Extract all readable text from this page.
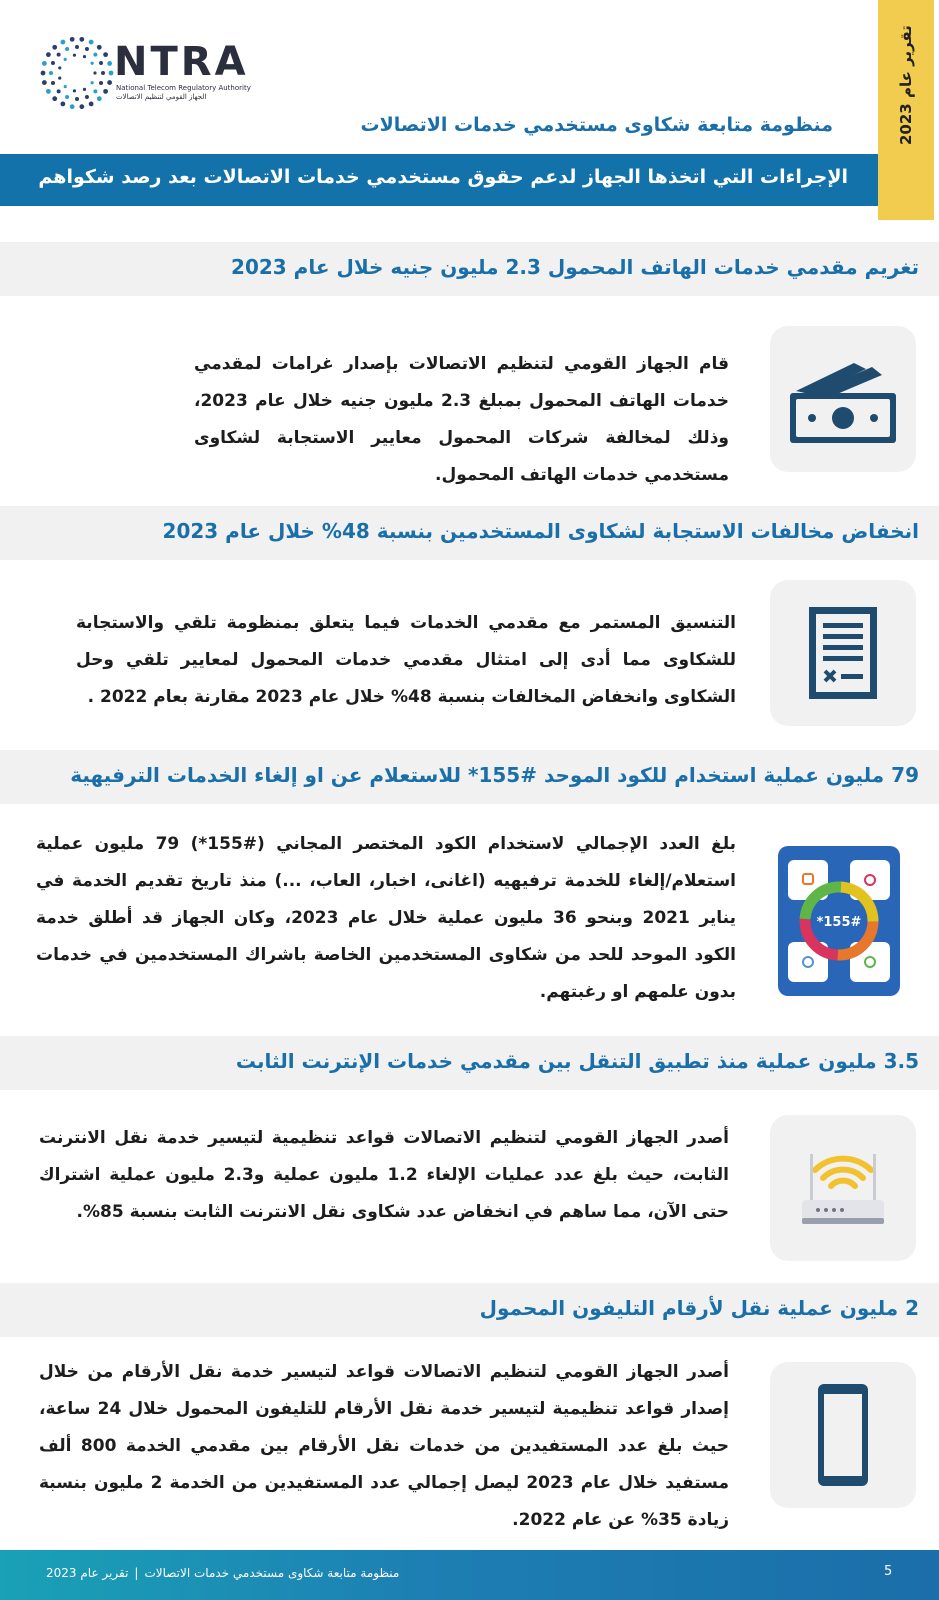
NTRA
National Telecom Regulatory Authority
الجهاز القومي لتنظيم الاتصالات
تقرير عام 2023
منظومة متابعة شكاوى مستخدمي خدمات الاتصالات
الإجراءات التي اتخذها الجهاز لدعم حقوق مستخدمي خدمات الاتصالات بعد رصد شكواهم
تغريم مقدمي خدمات الهاتف المحمول 2.3 مليون جنيه خلال عام 2023
قام الجهاز القومي لتنظيم الاتصالات بإصدار غرامات لمقدمي خدمات الهاتف المحمول بمبلغ 2.3 مليون جنيه خلال عام 2023، وذلك لمخالفة شركات المحمول معايير الاستجابة لشكاوى مستخدمي خدمات الهاتف المحمول.
انخفاض مخالفات الاستجابة لشكاوى المستخدمين بنسبة 48% خلال عام 2023
التنسيق المستمر مع مقدمي الخدمات فيما يتعلق بمنظومة تلقي والاستجابة للشكاوى مما أدى إلى امتثال مقدمي خدمات المحمول لمعايير تلقي وحل الشكاوى وانخفاض المخالفات بنسبة 48% خلال عام 2023 مقارنة بعام 2022 .
79 مليون عملية استخدام للكود الموحد #155* للاستعلام عن او إلغاء الخدمات الترفيهية
بلغ العدد الإجمالي لاستخدام الكود المختصر المجاني (#155*) 79 مليون عملية استعلام/إلغاء للخدمة ترفيهيه (اغانى، اخبار، العاب، ...) منذ تاريخ تقديم الخدمة في يناير 2021 وبنحو 36 مليون عملية خلال عام 2023، وكان الجهاز قد أطلق خدمة الكود الموحد للحد من شكاوى المستخدمين الخاصة باشراك المستخدمين في خدمات بدون علمهم او رغبتهم.
*155#
3.5 مليون عملية منذ تطبيق التنقل بين مقدمي خدمات الإنترنت الثابت
أصدر الجهاز القومي لتنظيم الاتصالات قواعد تنظيمية لتيسير خدمة نقل الانترنت الثابت، حيث بلغ عدد عمليات الإلغاء 1.2 مليون عملية و2.3 مليون عملية اشتراك حتى الآن، مما ساهم في انخفاض عدد شكاوى نقل الانترنت الثابت بنسبة 85%.
2 مليون عملية نقل لأرقام التليفون المحمول
أصدر الجهاز القومي لتنظيم الاتصالات قواعد لتيسير خدمة نقل الأرقام من خلال إصدار قواعد تنظيمية لتيسير خدمة نقل الأرقام للتليفون المحمول خلال 24 ساعة، حيث بلغ عدد المستفيدين من خدمات نقل الأرقام بين مقدمي الخدمة 800 ألف مستفيد خلال عام 2023 ليصل إجمالي عدد المستفيدين من الخدمة 2 مليون بنسبة زيادة 35% عن عام 2022.
منظومة متابعة شكاوى مستخدمي خدمات الاتصالات|تقرير عام 2023	5
